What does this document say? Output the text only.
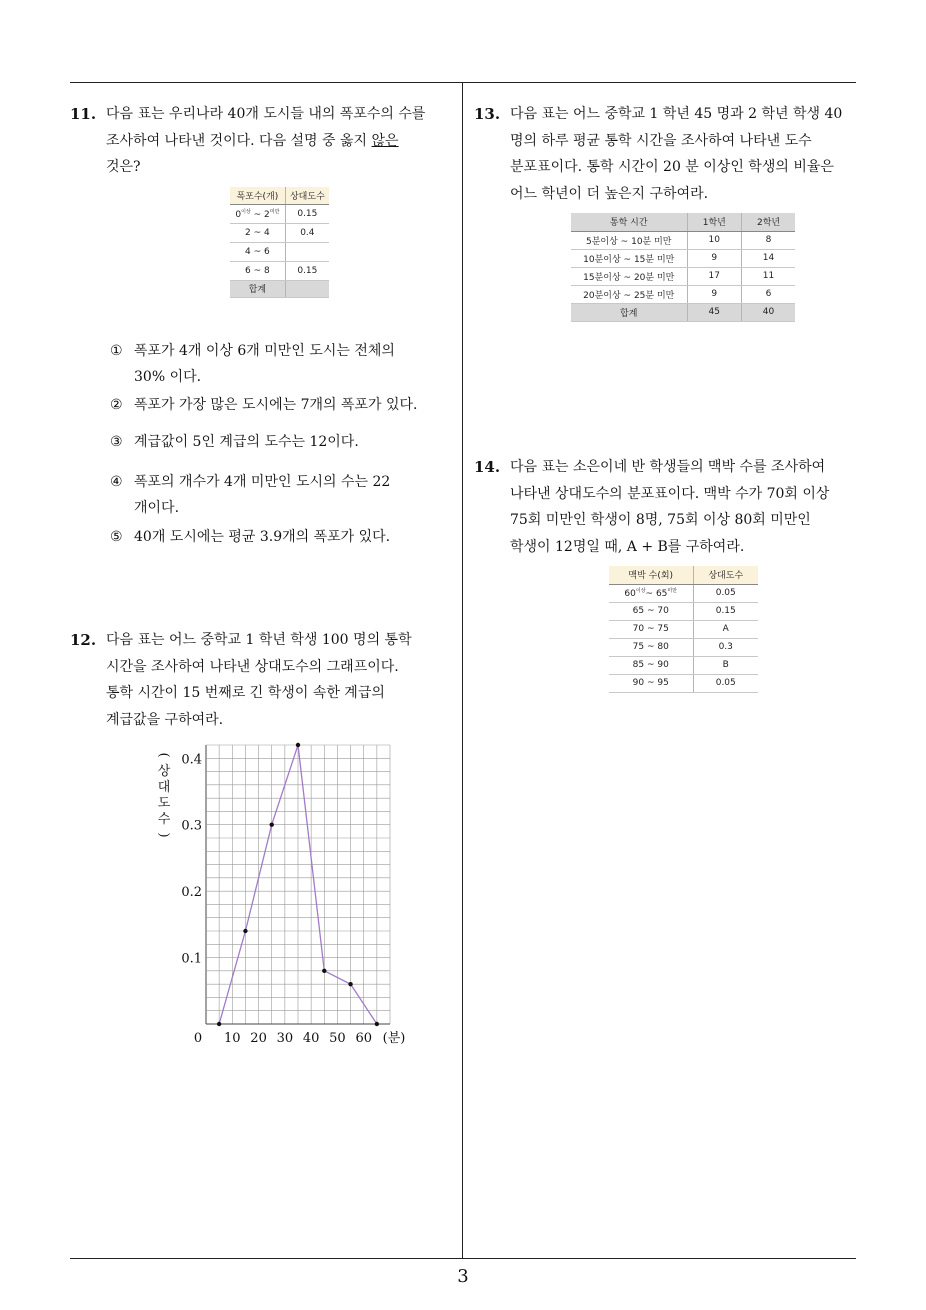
11. 다음 표는 우리나라 40개 도시들 내의 폭포수의 수를
조사하여 나타낸 것이다. 다음 설명 중 옳지 않은
것은?
폭포수(개)	상대도수
$0^{이상}$ ~ $2^{미만}$	0.15
2 ~ 4	0.4
4 ~ 6	
6 ~ 8	0.15
합계	
① 폭포가 4개 이상 6개 미만인 도시는 전체의
30% 이다.
② 폭포가 가장 많은 도시에는 7개의 폭포가 있다.
③ 계급값이 5인 계급의 도수는 12이다.
④ 폭포의 개수가 4개 미만인 도시의 수는 22
개이다.
⑤ 40개 도시에는 평균 3.9개의 폭포가 있다.
12. 다음 표는 어느 중학교 1 학년 학생 100 명의 통학
시간을 조사하여 나타낸 상대도수의 그래프이다.
통학 시간이 15 번째로 긴 학생이 속한 계급의
계급값을 구하여라.
0 10 20 30 40 50 60 (분)
0.1
0.2
0.3
0.4
(
상
대
도
수
)
13. 다음 표는 어느 중학교 1 학년 45 명과 2 학년 학생 40
명의 하루 평균 통학 시간을 조사하여 나타낸 도수
분포표이다. 통학 시간이 20 분 이상인 학생의 비율은
어느 학년이 더 높은지 구하여라.
통학 시간	1학년	2학년
5분이상 ~ 10분 미만	10	8
10분이상 ~ 15분 미만	9	14
15분이상 ~ 20분 미만	17	11
20분이상 ~ 25분 미만	9	6
합계	45	40
14. 다음 표는 소은이네 반 학생들의 맥박 수를 조사하여
나타낸 상대도수의 분포표이다. 맥박 수가 70회 이상
75회 미만인 학생이 8명, 75회 이상 80회 미만인
학생이 12명일 때, A + B를 구하여라.
맥박 수(회)	상대도수
$60^{이상}\sim$ $65^{미만}$	0.05
65 ~ 70	0.15
70 ~ 75	A
75 ~ 80	0.3
85 ~ 90	B
90 ~ 95	0.05
3
